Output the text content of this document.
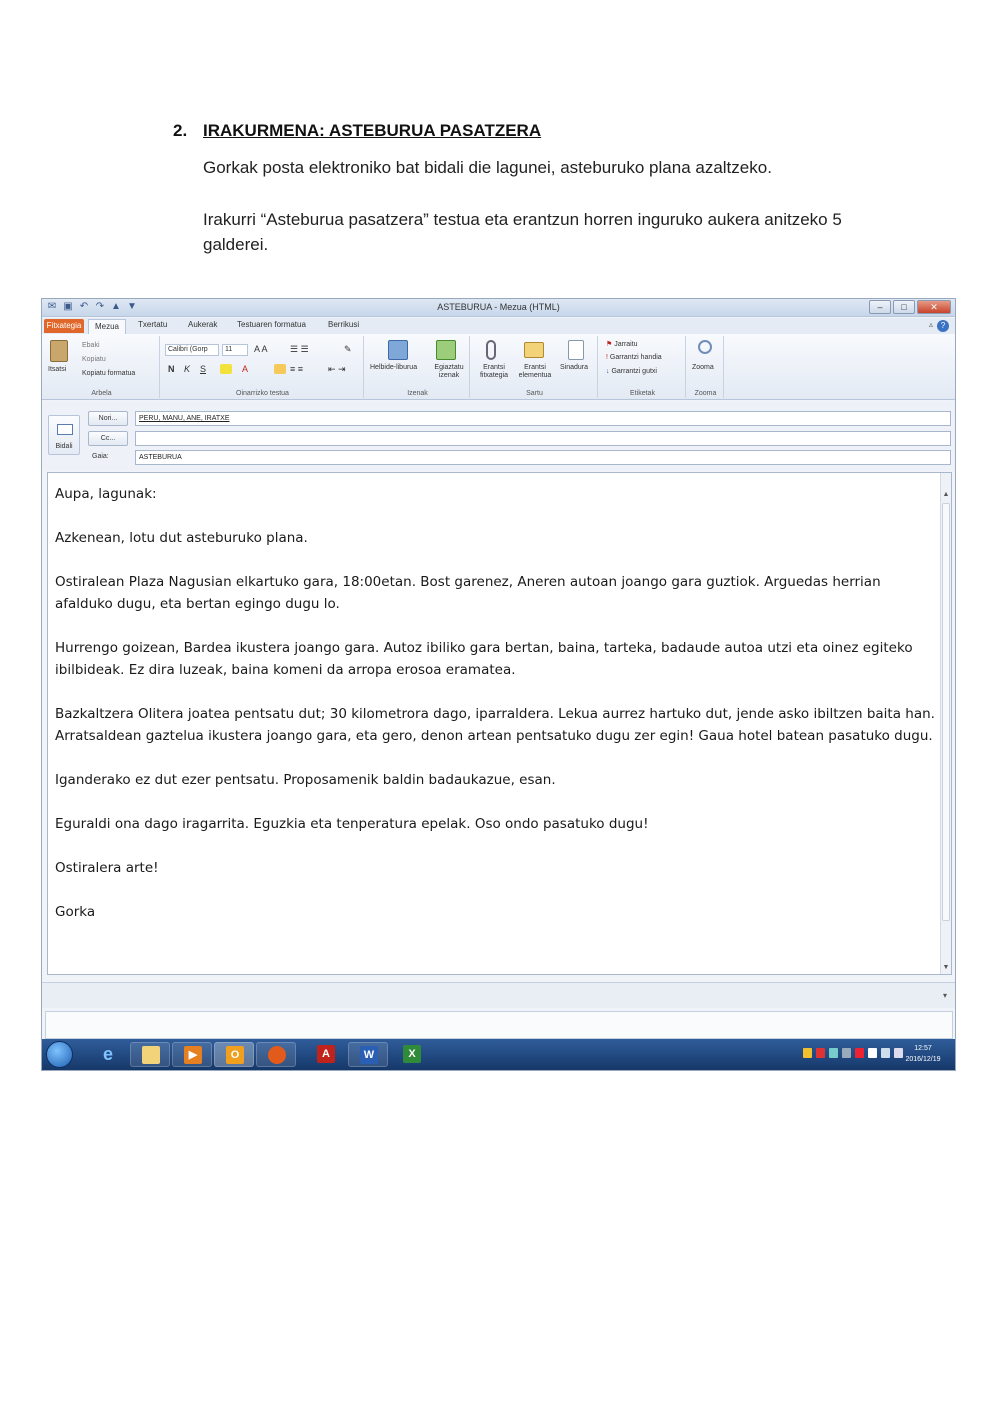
2. IRAKURMENA: ASTEBURUA PASATZERA
Gorkak posta elektroniko bat bidali die lagunei, asteburuko plana azaltzeko.
Irakurri “Asteburua pasatzera” testua eta erantzun horren inguruko aukera anitzeko 5 galderei.
✉ ▣ ↶ ↷ ▲ ▼	ASTEBURUA - Mezua (HTML)	–	□	✕
Fitxategia	Mezua	Txertatu	Aukerak Testuaren formatua	Berrikusi	▵ ?
Itsatsi
Ebaki
Kopiatu
Kopiatu formatua
Arbela
Calibri (Gorp	11	A A ☰ ☰	✎
N K S	A	≡ ≡	⇤ ⇥
Oinarrizko testua
Helbide-liburua	Egiaztatu izenak
Izenak
Erantsi fitxategia
Erantsi elementua
Sinadura
Sartu
⚑ Jarraitu
! Garrantzi handia
↓ Garrantzi gutxi
Etiketak
Zooma
Zooma
Bidali
Nori...	PERU, MANU, ANE, IRATXE
Cc...
Gaia:	ASTEBURUA

Aupa, lagunak:

Azkenean, lotu dut asteburuko plana.

Ostiralean Plaza Nagusian elkartuko gara, 18:00etan. Bost garenez, Aneren autoan joango gara guztiok. Arguedas herrian afalduko dugu, eta bertan egingo dugu lo.

Hurrengo goizean, Bardea ikustera joango gara. Autoz ibiliko gara bertan, baina, tarteka, badaude autoa utzi eta oinez egiteko ibilbideak. Ez dira luzeak, baina komeni da arropa erosoa eramatea.

Bazkaltzera Olitera joatea pentsatu dut; 30 kilometrora dago, iparraldera. Lekua aurrez hartuko dut, jende asko ibiltzen baita han. Arratsaldean gaztelua ikustera joango gara, eta gero, denon artean pentsatuko dugu zer egin! Gaua hotel batean pasatuko dugu.

Iganderako ez dut ezer pentsatu. Proposamenik baldin badaukazue, esan.

Eguraldi ona dago iragarrita. Eguzkia eta tenperatura epelak. Oso ondo pasatuko dugu!

Ostiralera arte!

Gorka

▲
▼
▾
e	▶	O	A	W	X	12:57
2016/12/19
